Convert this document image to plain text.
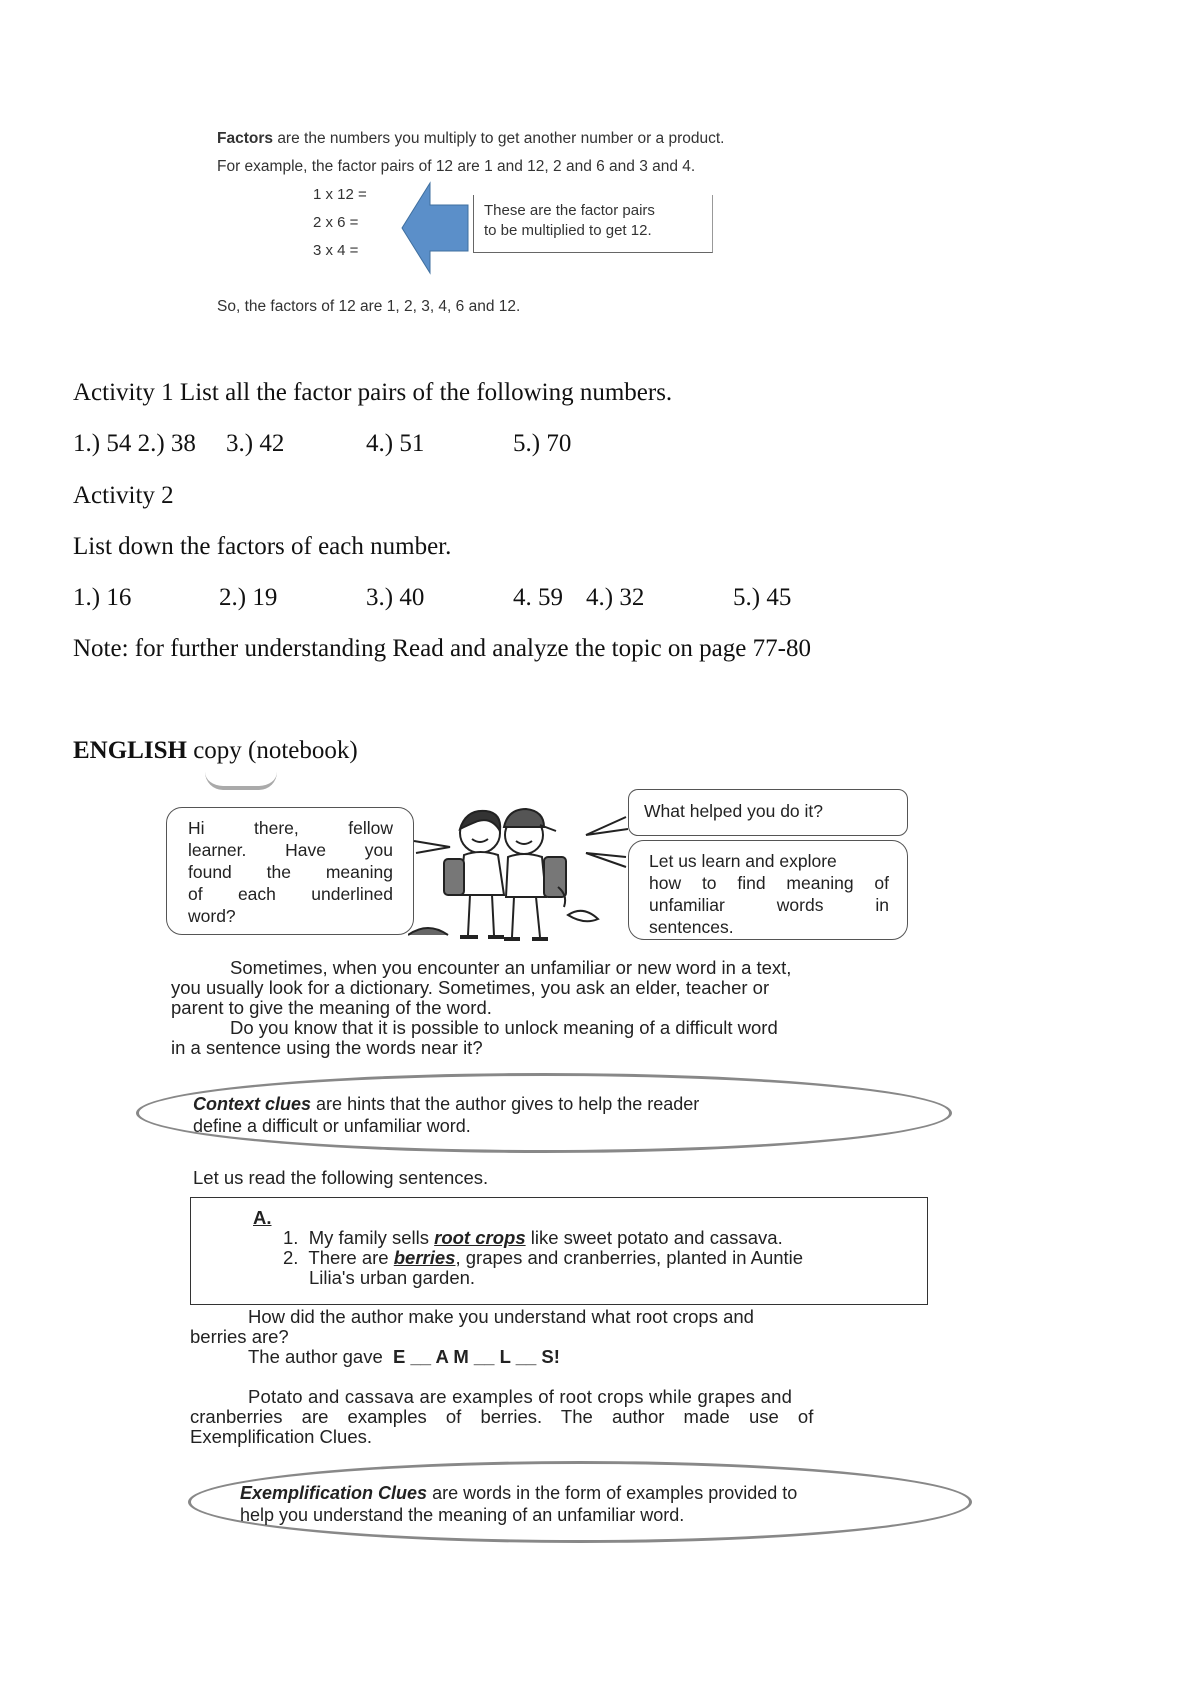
Factors are the numbers you multiply to get another number or a product.
For example, the factor pairs of 12 are 1 and 12, 2 and 6 and 3 and 4.
1 x 12 =
2 x 6 =
3 x 4 =
These are the factor pairs
to be multiplied to get 12.
So, the factors of 12 are 1, 2, 3, 4, 6 and 12.
Activity 1 List all the factor pairs of the following numbers.
1.) 54 2.) 38 3.) 42	4.) 51	5.) 70
Activity 2
List down the factors of each number.
1.) 16	2.) 19	3.) 40	4. 59 4.) 32	5.) 45
Note: for further understanding Read and analyze the topic on page 77-80
ENGLISH copy (notebook)
Hi	there,	fellow
learner. Have you
found the meaning
of each underlined
word?
What helped you do it?
Let us learn and explore
how to find meaning of
unfamiliar	words	in
sentences.
Sometimes, when you encounter an unfamiliar or new word in a text,
you usually look for a dictionary. Sometimes, you ask an elder, teacher or
parent to give the meaning of the word.
Do you know that it is possible to unlock meaning of a difficult word
in a sentence using the words near it?
Context clues are hints that the author gives to help the reader
define a difficult or unfamiliar word.
Let us read the following sentences.
A.
1. My family sells root crops like sweet potato and cassava.
2. There are berries, grapes and cranberries, planted in Auntie
Lilia's urban garden.
How did the author make you understand what root crops and
berries are?
The author gave E __ A M __ L __ S!
Potato and cassava are examples of root crops while grapes and
cranberries are examples of berries. The author made use of
Exemplification Clues.
Exemplification Clues are words in the form of examples provided to
help you understand the meaning of an unfamiliar word.
